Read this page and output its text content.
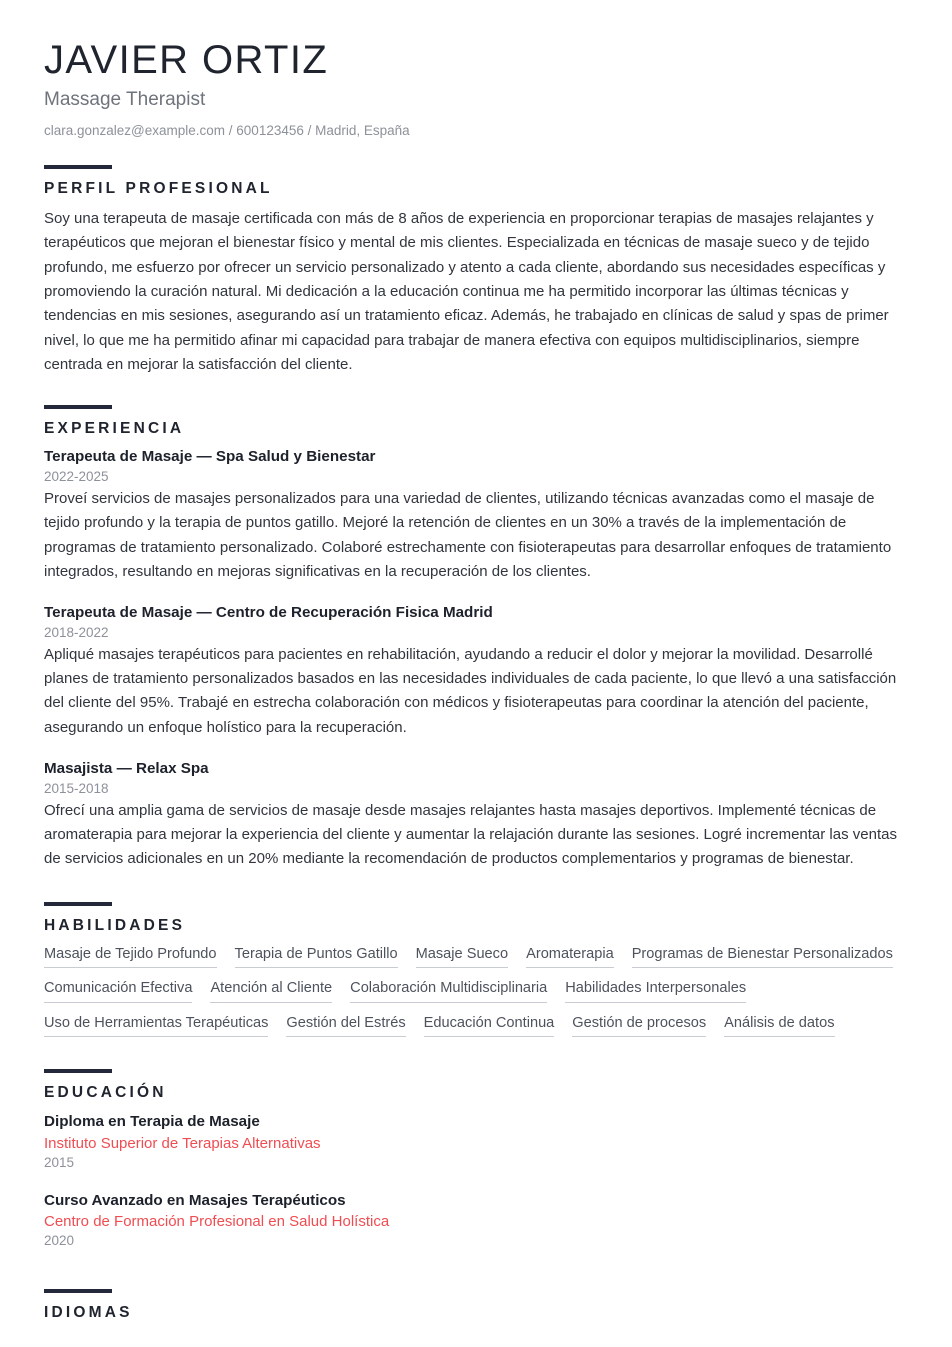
JAVIER ORTIZ
Massage Therapist
clara.gonzalez@example.com / 600123456 / Madrid, España
PERFIL PROFESIONAL

Soy una terapeuta de masaje certificada con más de 8 años de experiencia en proporcionar terapias de masajes relajantes y terapéuticos que mejoran el bienestar físico y mental de mis clientes. Especializada en técnicas de masaje sueco y de tejido profundo, me esfuerzo por ofrecer un servicio personalizado y atento a cada cliente, abordando sus necesidades específicas y promoviendo la curación natural. Mi dedicación a la educación continua me ha permitido incorporar las últimas técnicas y tendencias en mis sesiones, asegurando así un tratamiento eficaz. Además, he trabajado en clínicas de salud y spas de primer nivel, lo que me ha permitido afinar mi capacidad para trabajar de manera efectiva con equipos multidisciplinarios, siempre centrada en mejorar la satisfacción del cliente.

EXPERIENCIA
Terapeuta de Masaje — Spa Salud y Bienestar
2022-2025

Proveí servicios de masajes personalizados para una variedad de clientes, utilizando técnicas avanzadas como el masaje de tejido profundo y la terapia de puntos gatillo. Mejoré la retención de clientes en un 30% a través de la implementación de programas de tratamiento personalizado. Colaboré estrechamente con fisioterapeutas para desarrollar enfoques de tratamiento integrados, resultando en mejoras significativas en la recuperación de los clientes.

Terapeuta de Masaje — Centro de Recuperación Fisica Madrid
2018-2022

Apliqué masajes terapéuticos para pacientes en rehabilitación, ayudando a reducir el dolor y mejorar la movilidad. Desarrollé planes de tratamiento personalizados basados en las necesidades individuales de cada paciente, lo que llevó a una satisfacción del cliente del 95%. Trabajé en estrecha colaboración con médicos y fisioterapeutas para coordinar la atención del paciente, asegurando un enfoque holístico para la recuperación.

Masajista — Relax Spa
2015-2018

Ofrecí una amplia gama de servicios de masaje desde masajes relajantes hasta masajes deportivos. Implementé técnicas de aromaterapia para mejorar la experiencia del cliente y aumentar la relajación durante las sesiones. Logré incrementar las ventas de servicios adicionales en un 20% mediante la recomendación de productos complementarios y programas de bienestar.

HABILIDADES
Masaje de Tejido Profundo Terapia de Puntos Gatillo Masaje Sueco Aromaterapia Programas de Bienestar Personalizados
Comunicación Efectiva Atención al Cliente Colaboración Multidisciplinaria Habilidades Interpersonales
Uso de Herramientas Terapéuticas Gestión del Estrés Educación Continua Gestión de procesos Análisis de datos
EDUCACIÓN
Diploma en Terapia de Masaje
Instituto Superior de Terapias Alternativas
2015
Curso Avanzado en Masajes Terapéuticos
Centro de Formación Profesional en Salud Holística
2020
IDIOMAS
